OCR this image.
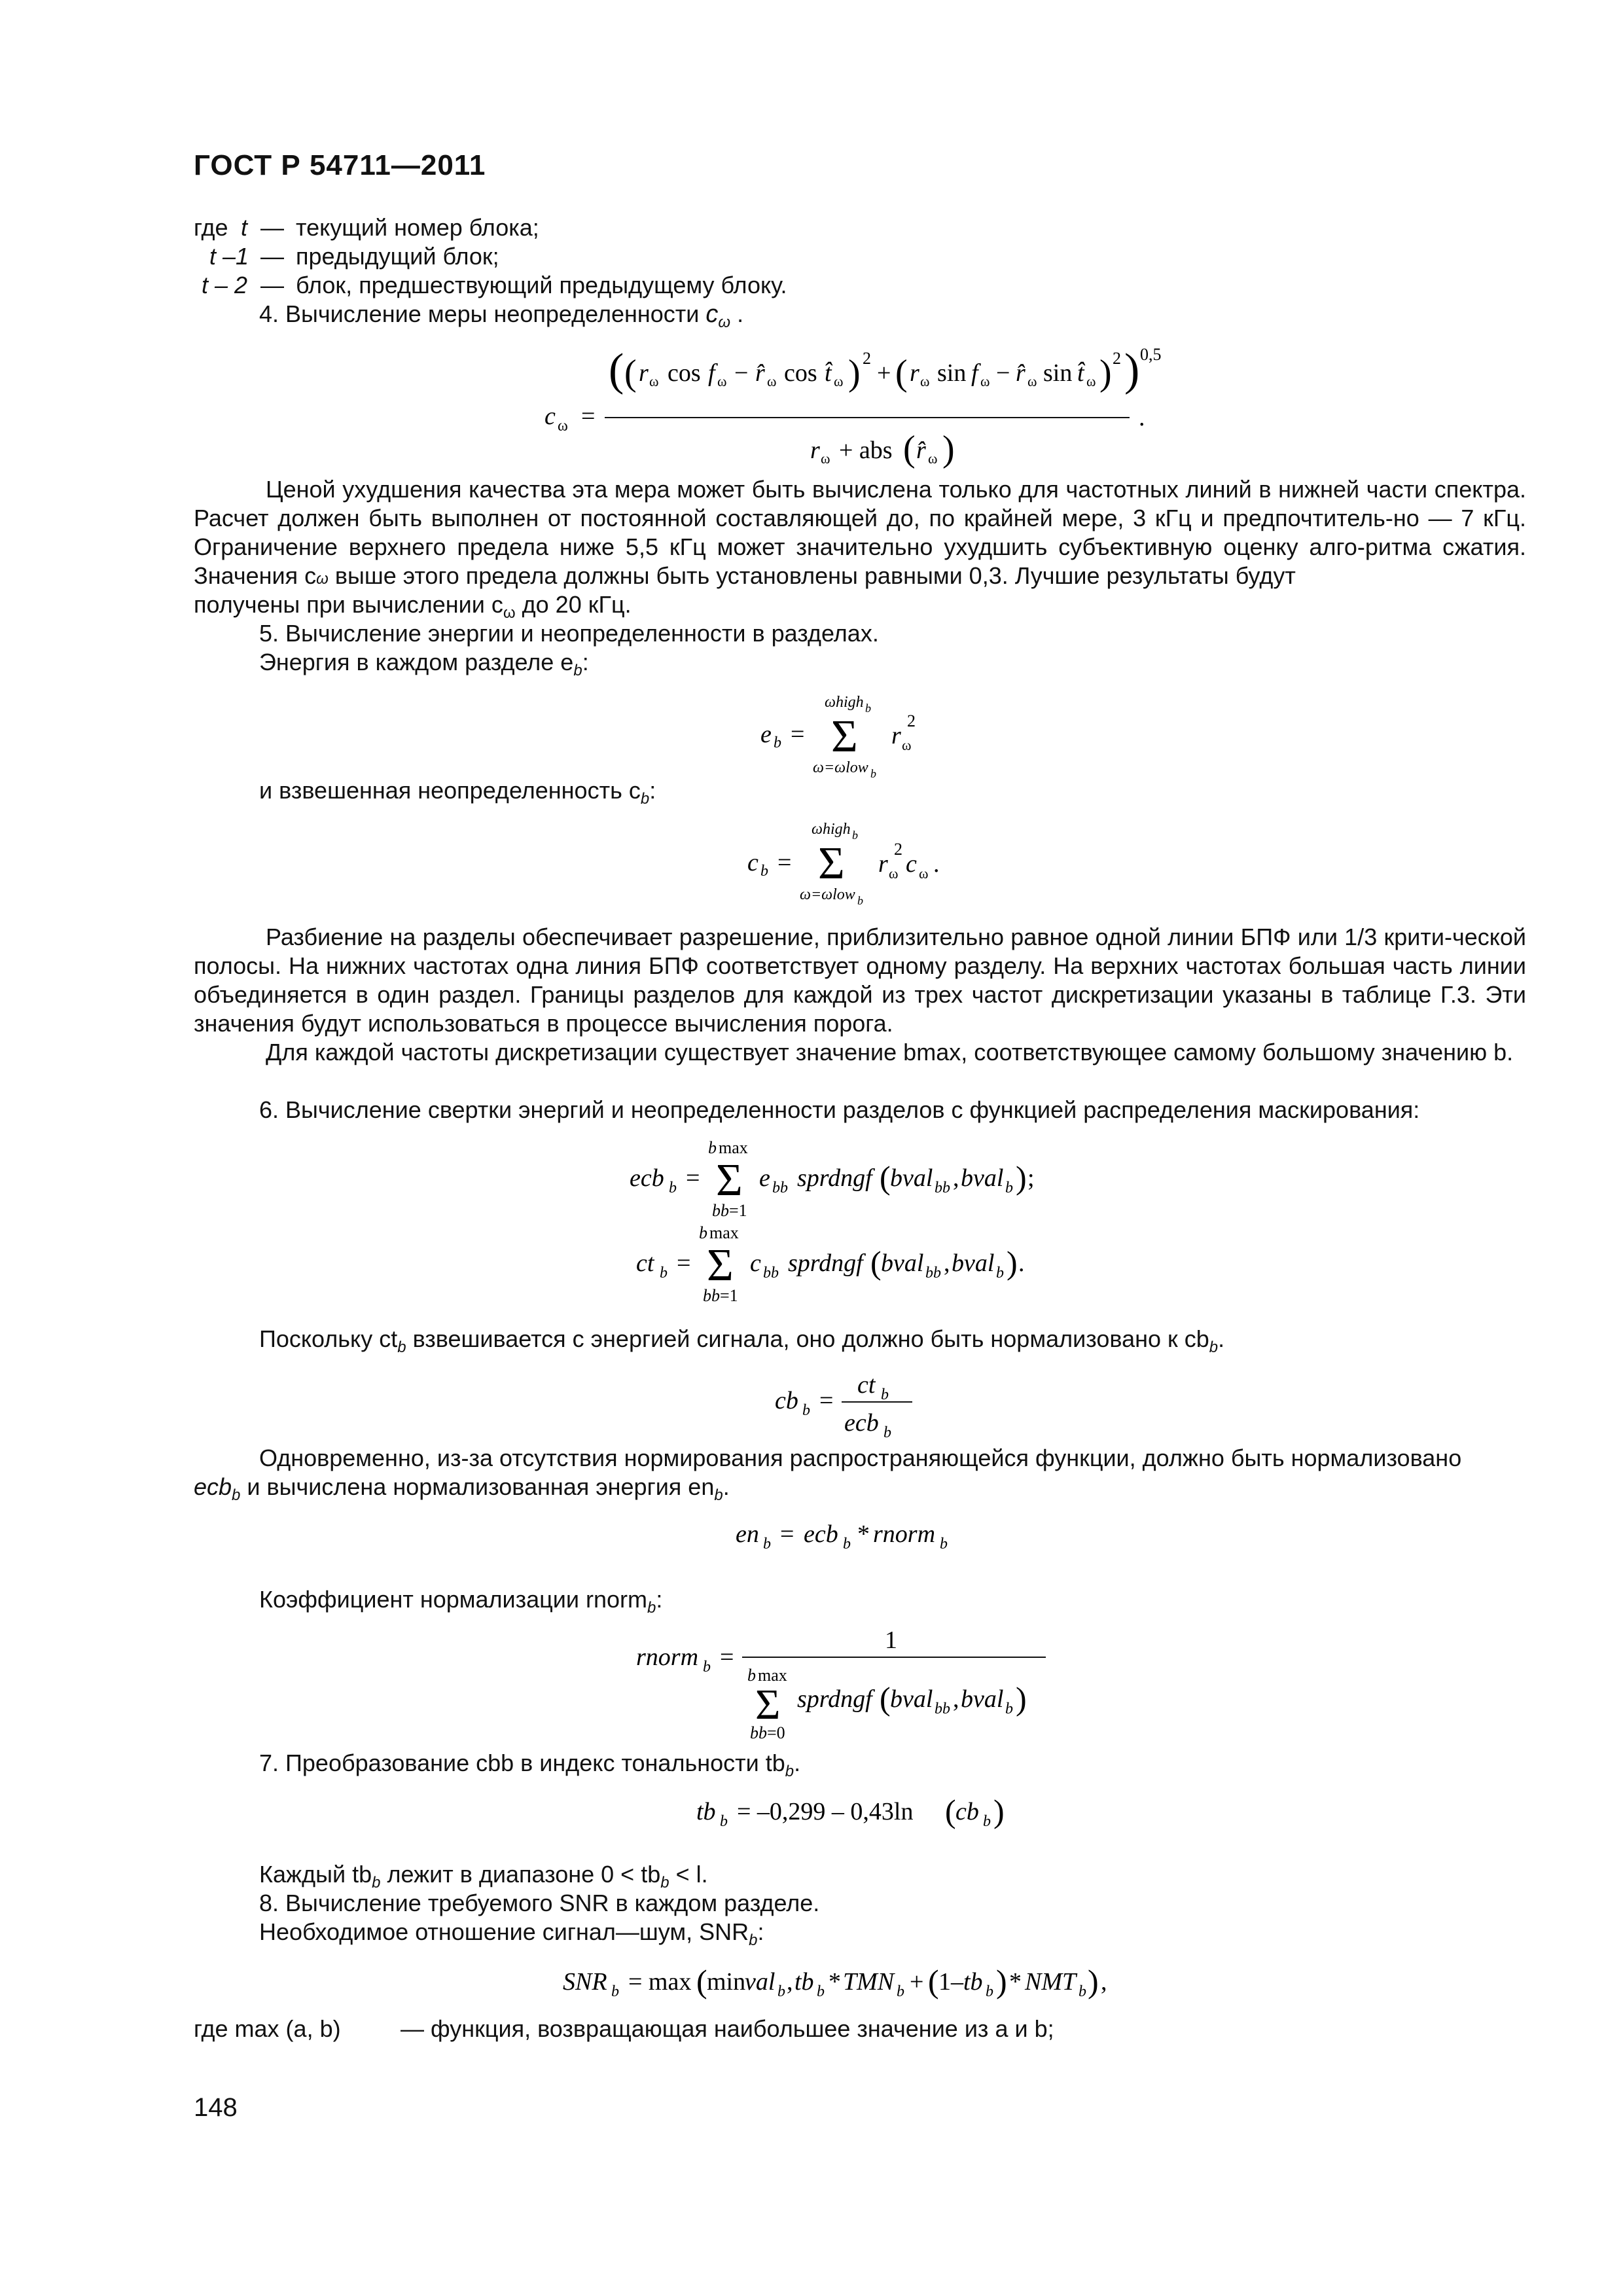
ГОСТ Р 54711—2011
где t — текущий номер блока;
t –1 — предыдущий блок;
t – 2 — блок, предшествующий предыдущему блоку.
4. Вычисление меры неопределенности $c_\omega$ .
c ω =
( ( r ω cos f ω − r̂ ω cos t̂ ω ) 2
+ ( r ω sin f ω − r̂ ω sin t̂ ω ) 2 ) 0,5
r ω + abs ( r̂ ω )
.
Ценой ухудшения качества эта мера может быть вычислена только для частотных линий в нижней части спектра. Расчет должен быть выполнен от постоянной составляющей до, по крайней мере, 3 кГц и предпочтитель-но — 7 кГц. Ограничение верхнего предела ниже 5,5 кГц может значительно ухудшить субъективную оценку алго-ритма сжатия. Значения cω выше этого предела должны быть установлены равными 0,3. Лучшие результаты будут
получены при вычислении $c_\omega$ до 20 кГц.
5. Вычисление энергии и неопределенности в разделах.
Энергия в каждом разделе $e_b$:
e b =
ωhigh b
Σ
ω=ωlow b
r ω
2
и взвешенная неопределенность $c_b$:
c b =
ωhigh b
Σ
ω=ωlow b
r ω
2
c ω .
Разбиение на разделы обеспечивает разрешение, приблизительно равное одной линии БПФ или 1/3 крити-ческой полосы. На нижних частотах одна линия БПФ соответствует одному разделу. На верхних частотах большая часть линии объединяется в один раздел. Границы разделов для каждой из трех частот дискретизации указаны в таблице Г.3. Эти значения будут использоваться в процессе вычисления порога.
Для каждой частоты дискретизации существует значение bmax, соответствующее самому большому значению b.
6. Вычисление свертки энергий и неопределенности разделов с функцией распределения маскирования:
ecb b =
b max
Σ
bb =1
e bb sprdngf ( bval bb , bval b ) ;
ct b =
b max
Σ
bb =1
c bb sprdngf ( bval bb , bval b ) .
Поскольку $ct_b$ взвешивается с энергией сигнала, оно должно быть нормализовано к $cb_b$.
cb b =
ct b
ecb b
Одновременно, из-за отсутствия нормирования распространяющейся функции, должно быть нормализовано
ecb$_b$ и вычислена нормализованная энергия $en_b$.
en b = ecb b * rnorm b
Коэффициент нормализации rnorm$_b$:
rnorm b =
1
b max
Σ
bb =0
sprdngf ( bval bb , bval b )
7. Преобразование cbb в индекс тональности $tb_b$.
tb b = –0,299 – 0,43ln ( cb b )
Каждый $tb_b$ лежит в диапазоне $0 < tb_b < l$.
8. Вычисление требуемого SNR в каждом разделе.
Необходимое отношение сигнал—шум, $SNR_b$:
SNR b = max ( min
val b , tb b * TMN b + ( 1– tb b ) * NMT b ) ,
где max (a, b)	— функция, возвращающая наибольшее значение из a и b;
148
